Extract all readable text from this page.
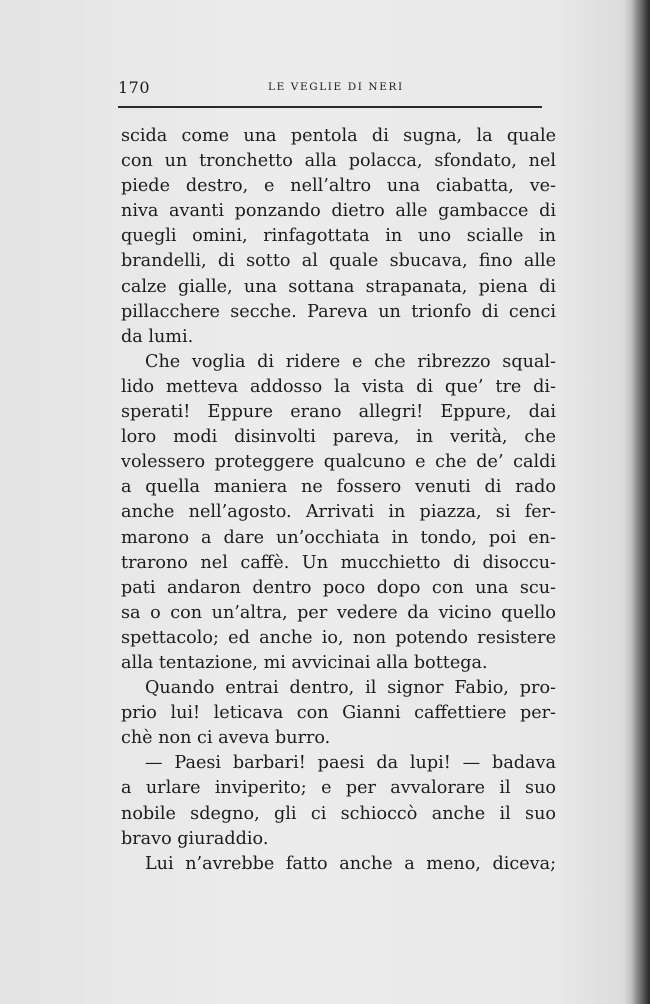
170	LE VEGLIE DI NERI
scida come una pentola di sugna, la quale
con un tronchetto alla polacca, sfondato, nel
piede destro, e nell’altro una ciabatta, ve-
niva avanti ponzando dietro alle gambacce di
quegli omini, rinfagottata in uno scialle in
brandelli, di sotto al quale sbucava, fino alle
calze gialle, una sottana strapanata, piena di
pillacchere secche. Pareva un trionfo di cenci
da lumi.
Che voglia di ridere e che ribrezzo squal-
lido metteva addosso la vista di que’ tre di-
sperati! Eppure erano allegri! Eppure, dai
loro modi disinvolti pareva, in verità, che
volessero proteggere qualcuno e che de’ caldi
a quella maniera ne fossero venuti di rado
anche nell’agosto. Arrivati in piazza, si fer-
marono a dare un’occhiata in tondo, poi en-
trarono nel caffè. Un mucchietto di disoccu-
pati andaron dentro poco dopo con una scu-
sa o con un’altra, per vedere da vicino quello
spettacolo; ed anche io, non potendo resistere
alla tentazione, mi avvicinai alla bottega.
Quando entrai dentro, il signor Fabio, pro-
prio lui! leticava con Gianni caffettiere per-
chè non ci aveva burro.
— Paesi barbari! paesi da lupi! — badava
a urlare inviperito; e per avvalorare il suo
nobile sdegno, gli ci schioccò anche il suo
bravo giuraddio.
Lui n’avrebbe fatto anche a meno, diceva;
